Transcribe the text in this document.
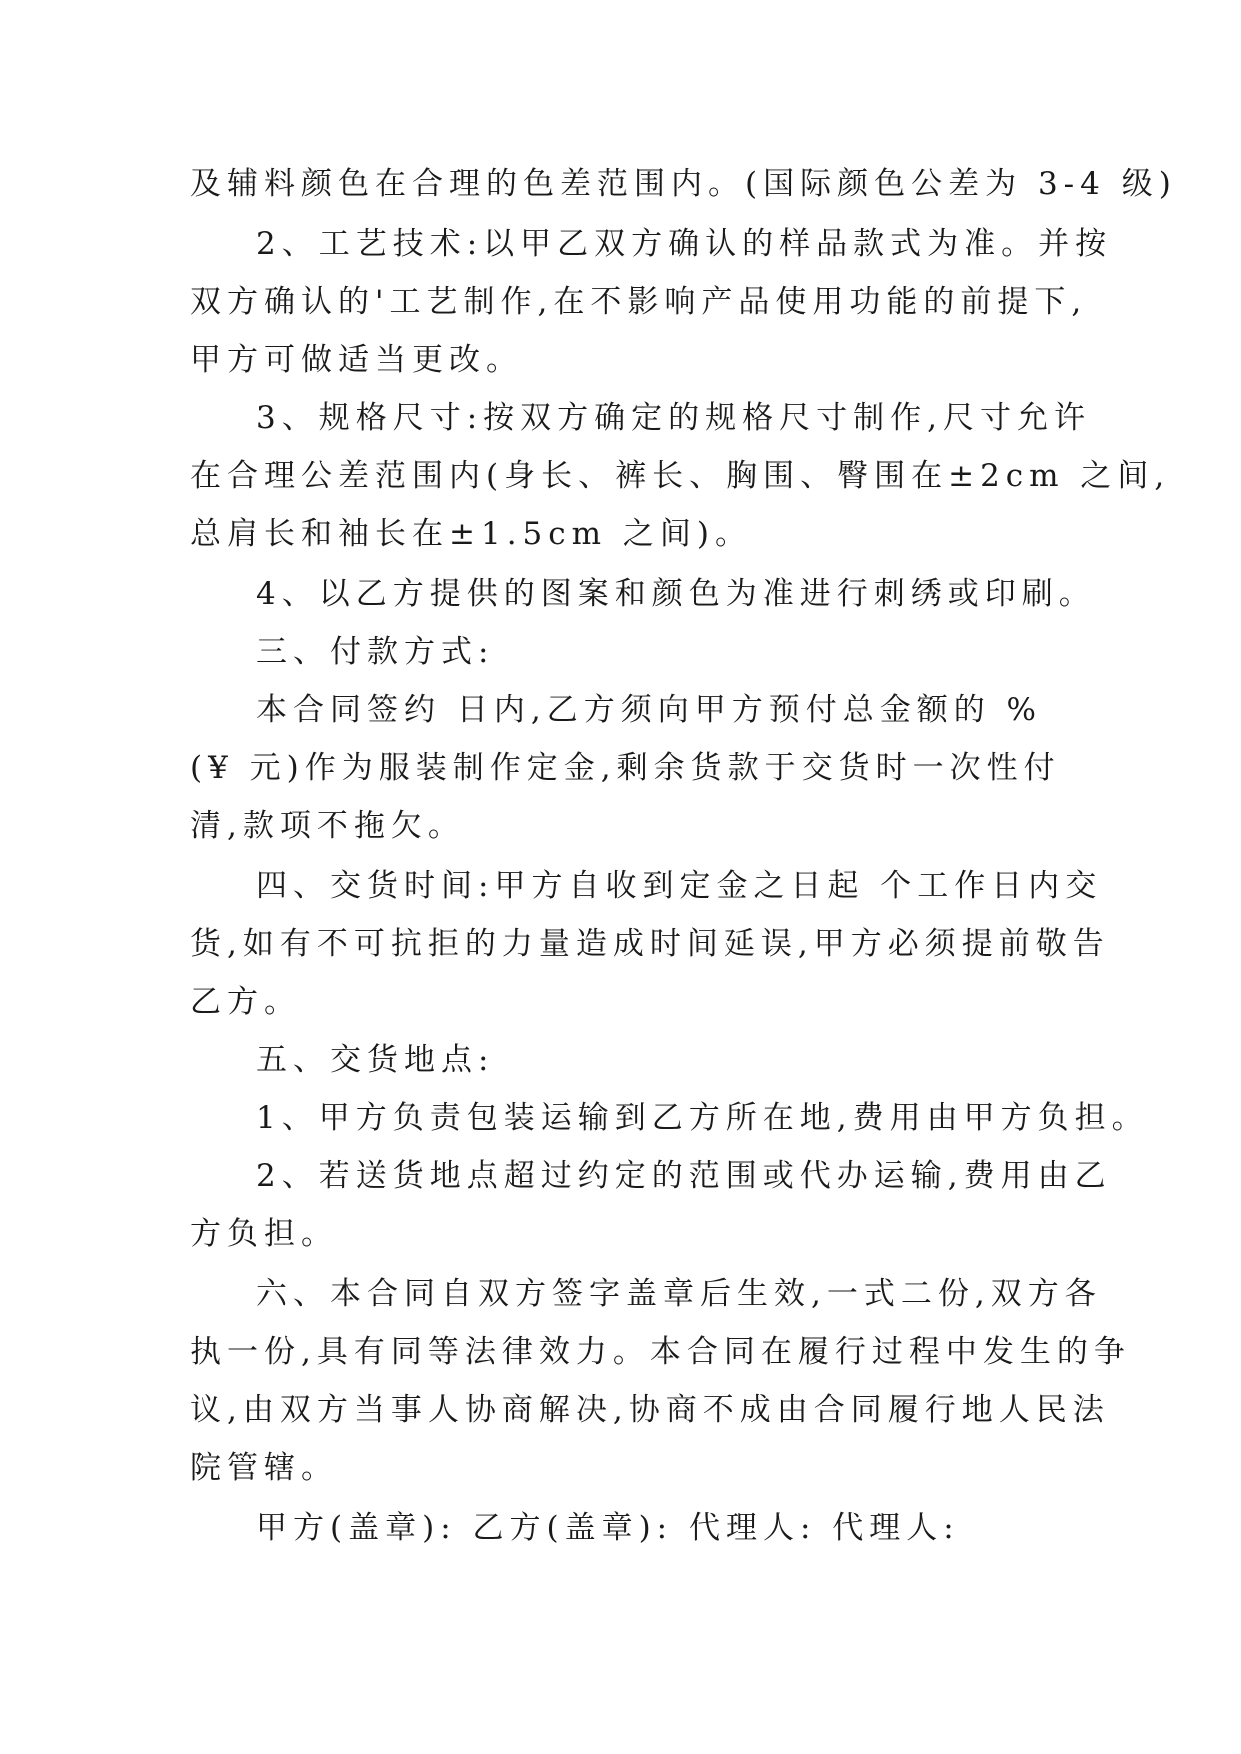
及辅料颜色在合理的色差范围内。(国际颜色公差为 3-4 级)
2、工艺技术:以甲乙双方确认的样品款式为准。并按
双方确认的'工艺制作,在不影响产品使用功能的前提下,
甲方可做适当更改。
3、规格尺寸:按双方确定的规格尺寸制作,尺寸允许
在合理公差范围内(身长、裤长、胸围、臀围在±2cm 之间,
总肩长和袖长在±1.5cm 之间)。
4、以乙方提供的图案和颜色为准进行刺绣或印刷。
三、付款方式:
本合同签约 日内,乙方须向甲方预付总金额的 %
(¥ 元)作为服装制作定金,剩余货款于交货时一次性付
清,款项不拖欠。
四、交货时间:甲方自收到定金之日起 个工作日内交
货,如有不可抗拒的力量造成时间延误,甲方必须提前敬告
乙方。
五、交货地点:
1、甲方负责包装运输到乙方所在地,费用由甲方负担。
2、若送货地点超过约定的范围或代办运输,费用由乙
方负担。
六、本合同自双方签字盖章后生效,一式二份,双方各
执一份,具有同等法律效力。本合同在履行过程中发生的争
议,由双方当事人协商解决,协商不成由合同履行地人民法
院管辖。
甲方(盖章): 乙方(盖章): 代理人: 代理人:
